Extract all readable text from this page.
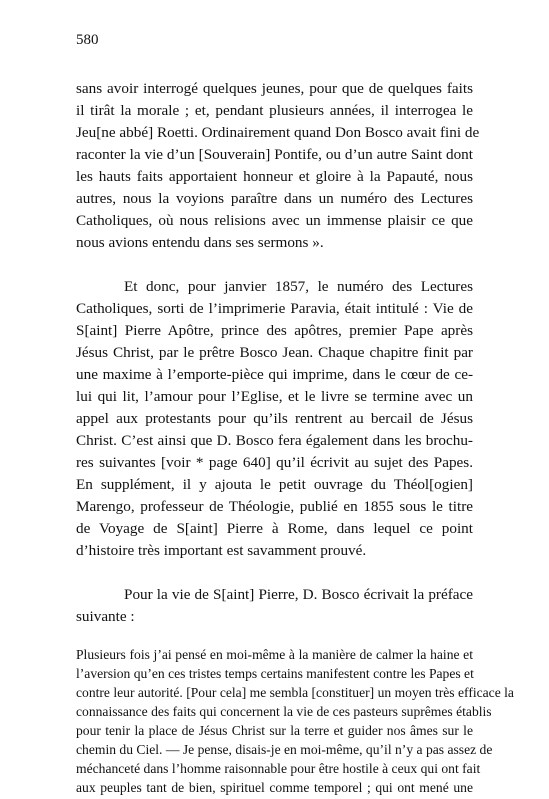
580
sans avoir interrogé quelques jeunes, pour que de quelques faits
il tirât la morale ; et, pendant plusieurs années, il interrogea le
Jeu[ne abbé] Roetti. Ordinairement quand Don Bosco avait fini de
raconter la vie d’un [Souverain] Pontife, ou d’un autre Saint dont
les hauts faits apportaient honneur et gloire à la Papauté, nous
autres, nous la voyions paraître dans un numéro des Lectures
Catholiques, où nous relisions avec un immense plaisir ce que
nous avions entendu dans ses sermons ».
Et donc, pour janvier 1857, le numéro des Lectures
Catholiques, sorti de l’imprimerie Paravia, était intitulé : Vie de
S[aint] Pierre Apôtre, prince des apôtres, premier Pape après
Jésus Christ, par le prêtre Bosco Jean. Chaque chapitre finit par
une maxime à l’emporte-pièce qui imprime, dans le cœur de ce-
lui qui lit, l’amour pour l’Eglise, et le livre se termine avec un
appel aux protestants pour qu’ils rentrent au bercail de Jésus
Christ. C’est ainsi que D. Bosco fera également dans les brochu-
res suivantes [voir * page 640] qu’il écrivit au sujet des Papes.
En supplément, il y ajouta le petit ouvrage du Théol[ogien]
Marengo, professeur de Théologie, publié en 1855 sous le titre
de Voyage de S[aint] Pierre à Rome, dans lequel ce point
d’histoire très important est savamment prouvé.
Pour la vie de S[aint] Pierre, D. Bosco écrivait la préface
suivante :
Plusieurs fois j’ai pensé en moi-même à la manière de calmer la haine et
l’aversion qu’en ces tristes temps certains manifestent contre les Papes et
contre leur autorité. [Pour cela] me sembla [constituer] un moyen très efficace la
connaissance des faits qui concernent la vie de ces pasteurs suprêmes établis
pour tenir la place de Jésus Christ sur la terre et guider nos âmes sur le
chemin du Ciel. — Je pense, disais-je en moi-même, qu’il n’y a pas assez de
méchanceté dans l’homme raisonnable pour être hostile à ceux qui ont fait
aux peuples tant de bien, spirituel comme temporel ; qui ont mené une
